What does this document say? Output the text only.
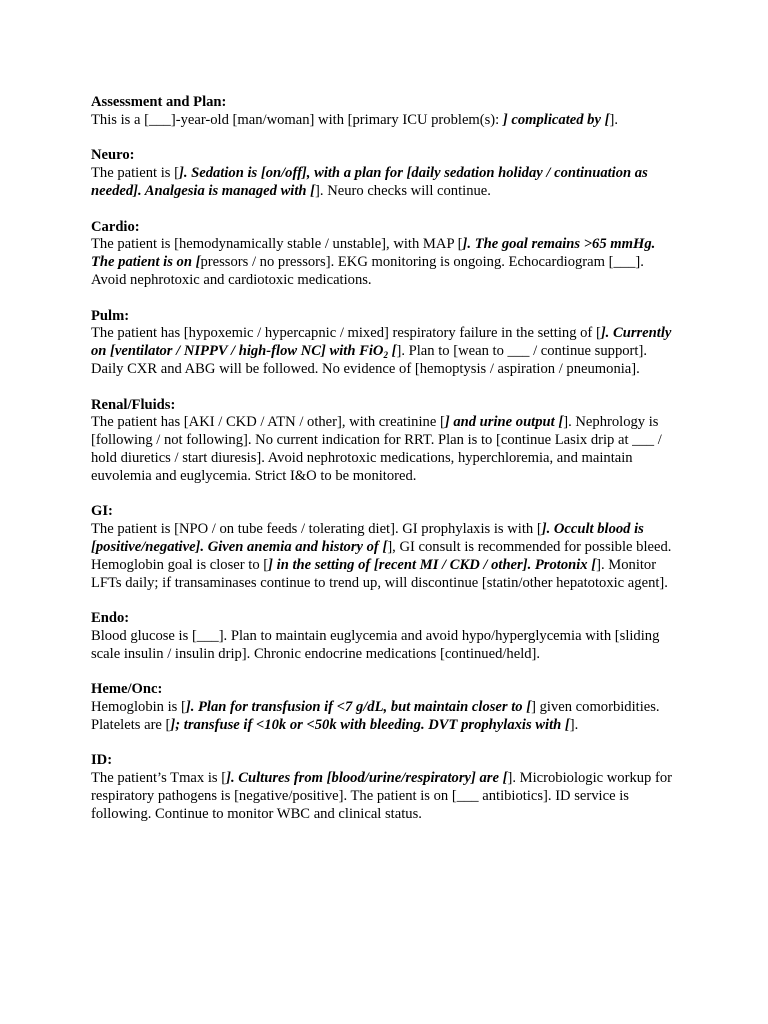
Assessment and Plan:
This is a [___]-year-old [man/woman] with [primary ICU problem(s): ] complicated by [].
Neuro:
The patient is []. Sedation is [on/off], with a plan for [daily sedation holiday / continuation as needed]. Analgesia is managed with []. Neuro checks will continue.
Cardio:
The patient is [hemodynamically stable / unstable], with MAP []. The goal remains >65 mmHg. The patient is on [pressors / no pressors]. EKG monitoring is ongoing. Echocardiogram [___]. Avoid nephrotoxic and cardiotoxic medications.
Pulm:
The patient has [hypoxemic / hypercapnic / mixed] respiratory failure in the setting of []. Currently on [ventilator / NIPPV / high-flow NC] with FiO$_2$ []. Plan to [wean to ___ / continue support]. Daily CXR and ABG will be followed. No evidence of [hemoptysis / aspiration / pneumonia].
Renal/Fluids:
The patient has [AKI / CKD / ATN / other], with creatinine [] and urine output []. Nephrology is [following / not following]. No current indication for RRT. Plan is to [continue Lasix drip at ___ / hold diuretics / start diuresis]. Avoid nephrotoxic medications, hyperchloremia, and maintain euvolemia and euglycemia. Strict I&O to be monitored.
GI:
The patient is [NPO / on tube feeds / tolerating diet]. GI prophylaxis is with []. Occult blood is [positive/negative]. Given anemia and history of [], GI consult is recommended for possible bleed. Hemoglobin goal is closer to [] in the setting of [recent MI / CKD / other]. Protonix []. Monitor LFTs daily; if transaminases continue to trend up, will discontinue [statin/other hepatotoxic agent].
Endo:
Blood glucose is [___]. Plan to maintain euglycemia and avoid hypo/hyperglycemia with [sliding scale insulin / insulin drip]. Chronic endocrine medications [continued/held].
Heme/Onc:
Hemoglobin is []. Plan for transfusion if <7 g/dL, but maintain closer to [] given comorbidities. Platelets are []; transfuse if <10k or <50k with bleeding. DVT prophylaxis with [].
ID:
The patient’s Tmax is []. Cultures from [blood/urine/respiratory] are []. Microbiologic workup for respiratory pathogens is [negative/positive]. The patient is on [___ antibiotics]. ID service is following. Continue to monitor WBC and clinical status.
